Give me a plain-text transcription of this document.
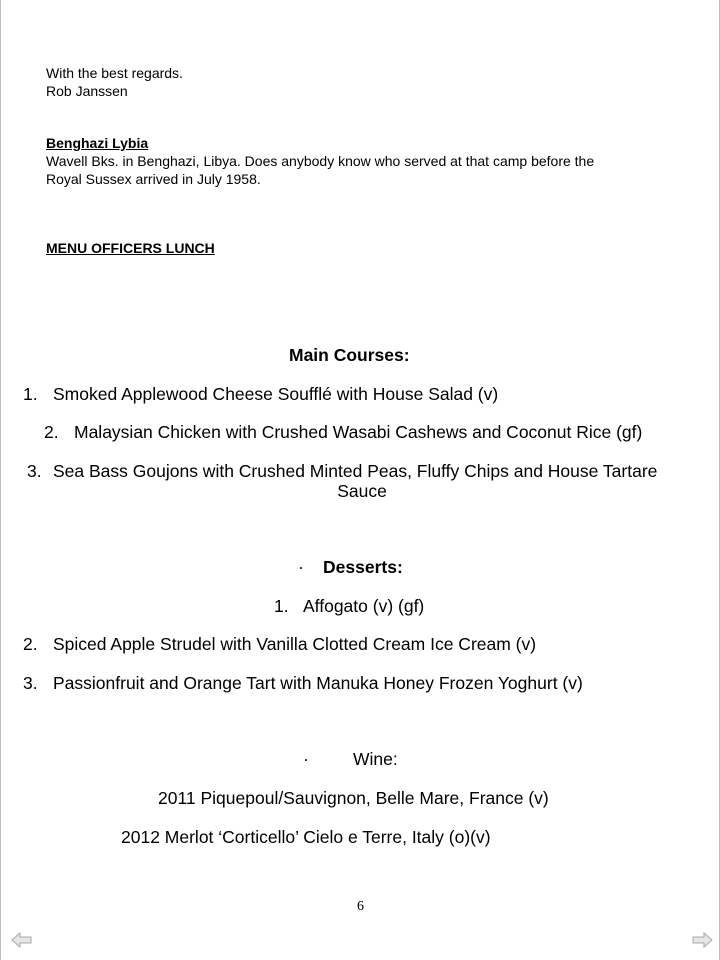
With the best regards.
Rob Janssen
Benghazi Lybia
Wavell Bks. in Benghazi, Libya. Does anybody know who served at that camp before the
Royal Sussex arrived in July 1958.
MENU OFFICERS LUNCH
Main Courses:
1. Smoked Applewood Cheese Soufflé with House Salad (v)
2. Malaysian Chicken with Crushed Wasabi Cashews and Coconut Rice (gf)
3. Sea Bass Goujons with Crushed Minted Peas, Fluffy Chips and House Tartare
Sauce
· Desserts:
1. Affogato (v) (gf)
2. Spiced Apple Strudel with Vanilla Clotted Cream Ice Cream (v)
3. Passionfruit and Orange Tart with Manuka Honey Frozen Yoghurt (v)
·	Wine:
2011 Piquepoul/Sauvignon, Belle Mare, France (v)
2012 Merlot ‘Corticello’ Cielo e Terre, Italy (o)(v)
6
